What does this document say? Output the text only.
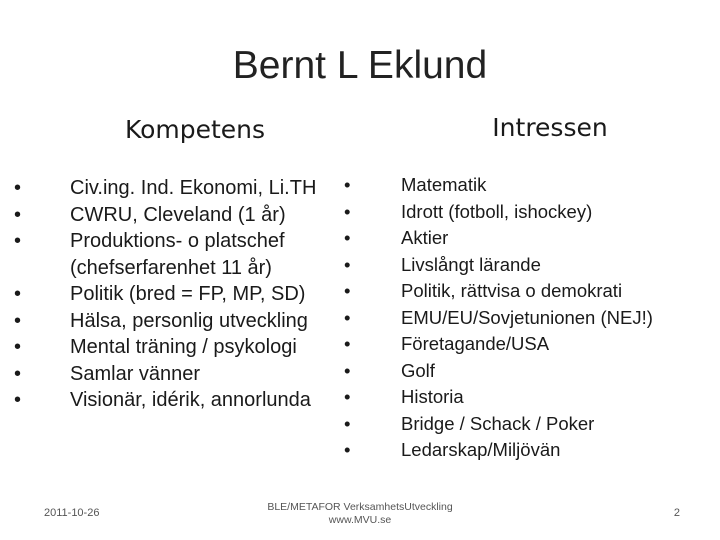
Bernt L Eklund
Kompetens	Intressen
• Civ.ing. Ind. Ekonomi, Li.TH
• CWRU, Cleveland (1 år)
• Produktions- o platschef (chefserfarenhet 11 år)
• Politik (bred = FP, MP, SD)
• Hälsa, personlig utveckling
• Mental träning / psykologi
• Samlar vänner
• Visionär, idérik, annorlunda
•	Matematik
•	Idrott (fotboll, ishockey)
•	Aktier
•	Livslångt lärande
•	Politik, rättvisa o demokrati
•	EMU/EU/Sovjetunionen (NEJ!)
•	Företagande/USA
•	Golf
•	Historia
•	Bridge / Schack / Poker
•	Ledarskap/Miljövän
2011-10-26	BLE/METAFOR VerksamhetsUtveckling
www.MVU.se
2
